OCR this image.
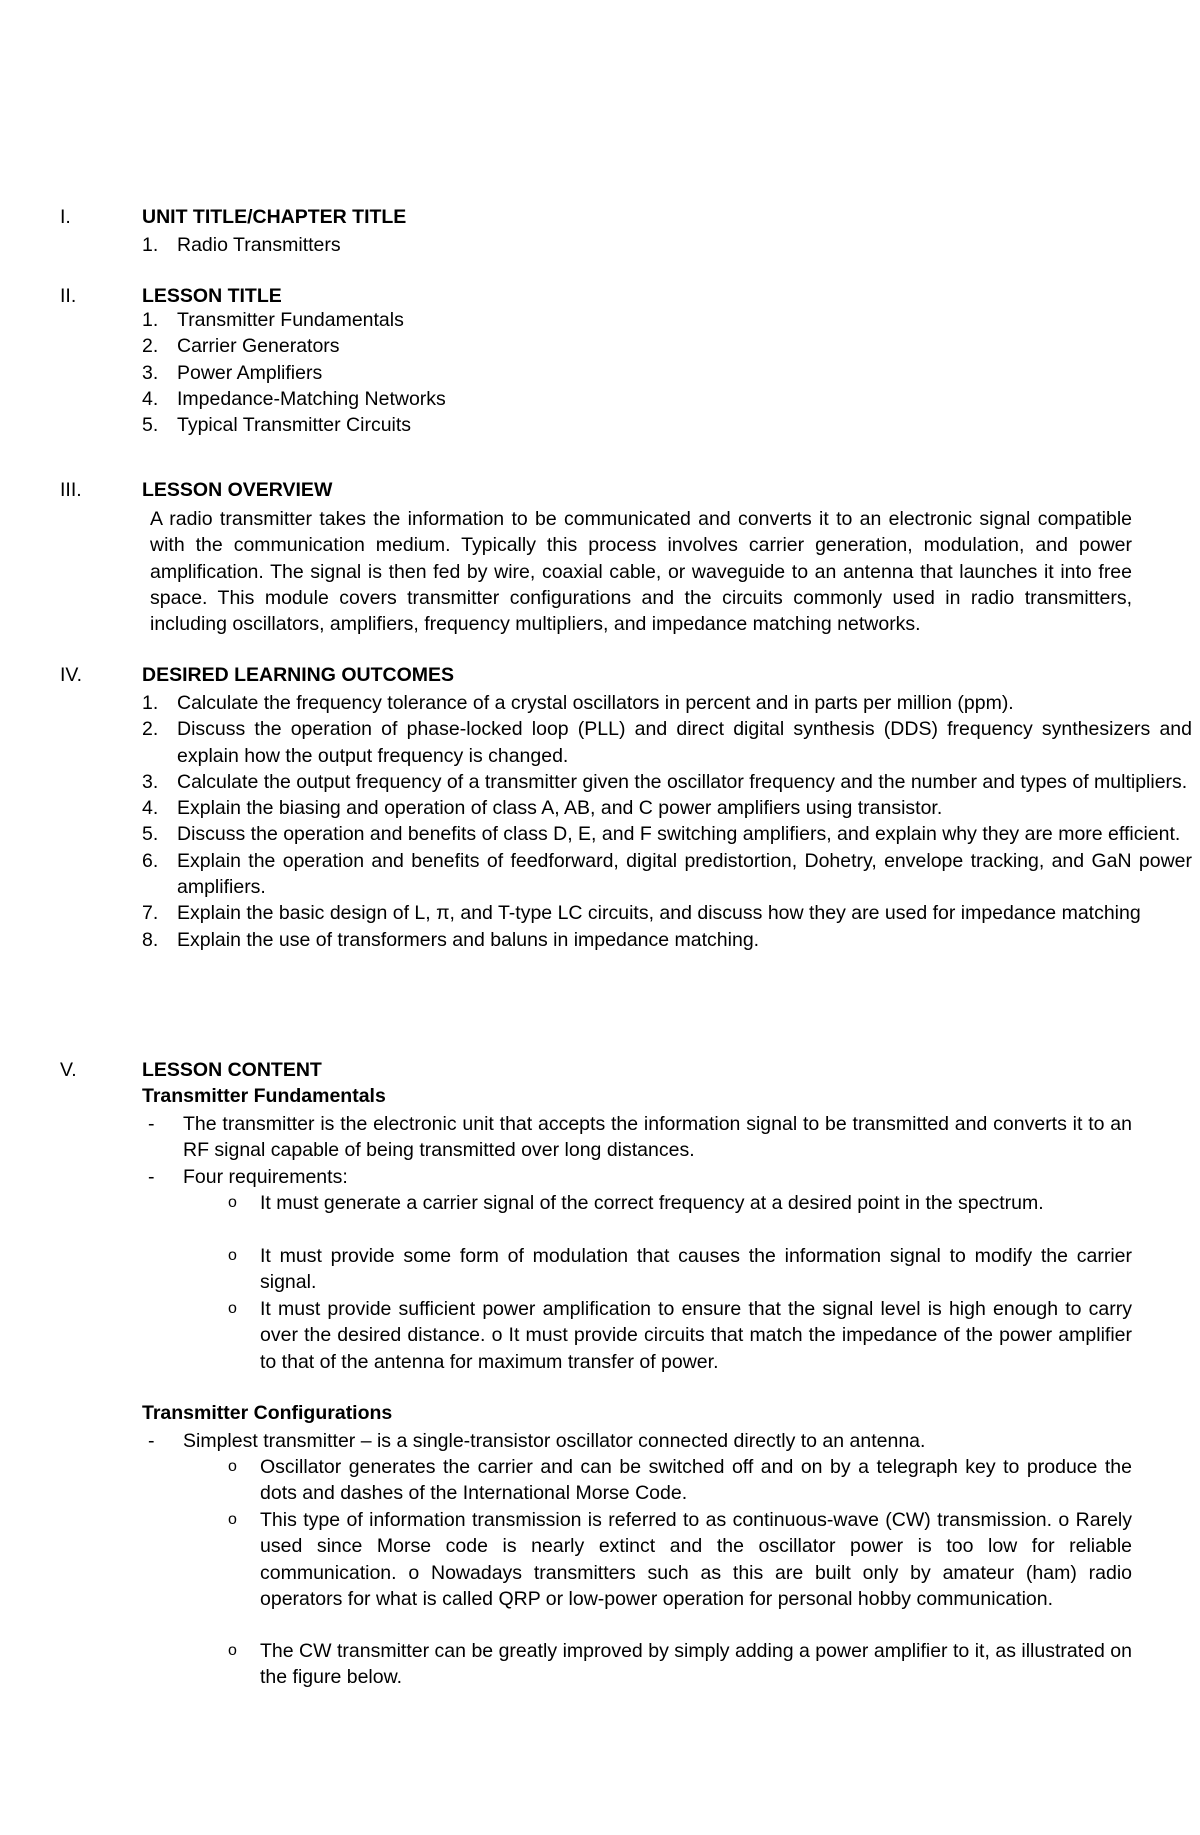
I.	UNIT TITLE/CHAPTER TITLE
1. Radio Transmitters
II.	LESSON TITLE
1. Transmitter Fundamentals
2. Carrier Generators
3. Power Amplifiers
4. Impedance-Matching Networks
5. Typical Transmitter Circuits
III.	LESSON OVERVIEW
A radio transmitter takes the information to be communicated and converts it to an electronic signal compatible with the communication medium. Typically this process involves carrier generation, modulation, and power amplification. The signal is then fed by wire, coaxial cable, or waveguide to an antenna that launches it into free space. This module covers transmitter configurations and the circuits commonly used in radio transmitters, including oscillators, amplifiers, frequency multipliers, and impedance matching networks.
IV.	DESIRED LEARNING OUTCOMES
1. Calculate the frequency tolerance of a crystal oscillators in percent and in parts per million (ppm).
2. Discuss the operation of phase-locked loop (PLL) and direct digital synthesis (DDS) frequency synthesizers and explain how the output frequency is changed.
3. Calculate the output frequency of a transmitter given the oscillator frequency and the number and types of multipliers.
4. Explain the biasing and operation of class A, AB, and C power amplifiers using transistor.
5. Discuss the operation and benefits of class D, E, and F switching amplifiers, and explain why they are more efficient.
6. Explain the operation and benefits of feedforward, digital predistortion, Dohetry, envelope tracking, and GaN power amplifiers.
7. Explain the basic design of L, π, and T-type LC circuits, and discuss how they are used for impedance matching
8. Explain the use of transformers and baluns in impedance matching.
V.	LESSON CONTENT
Transmitter Fundamentals
- The transmitter is the electronic unit that accepts the information signal to be transmitted and converts it to an RF signal capable of being transmitted over long distances.
- Four requirements:
o It must generate a carrier signal of the correct frequency at a desired point in the spectrum.
o It must provide some form of modulation that causes the information signal to modify the carrier signal.
o It must provide sufficient power amplification to ensure that the signal level is high enough to carry over the desired distance. o It must provide circuits that match the impedance of the power amplifier to that of the antenna for maximum transfer of power.
Transmitter Configurations
- Simplest transmitter – is a single-transistor oscillator connected directly to an antenna.
o Oscillator generates the carrier and can be switched off and on by a telegraph key to produce the dots and dashes of the International Morse Code.
o This type of information transmission is referred to as continuous-wave (CW) transmission. o Rarely used since Morse code is nearly extinct and the oscillator power is too low for reliable communication. o Nowadays transmitters such as this are built only by amateur (ham) radio operators for what is called QRP or low-power operation for personal hobby communication.
o The CW transmitter can be greatly improved by simply adding a power amplifier to it, as illustrated on the figure below.
